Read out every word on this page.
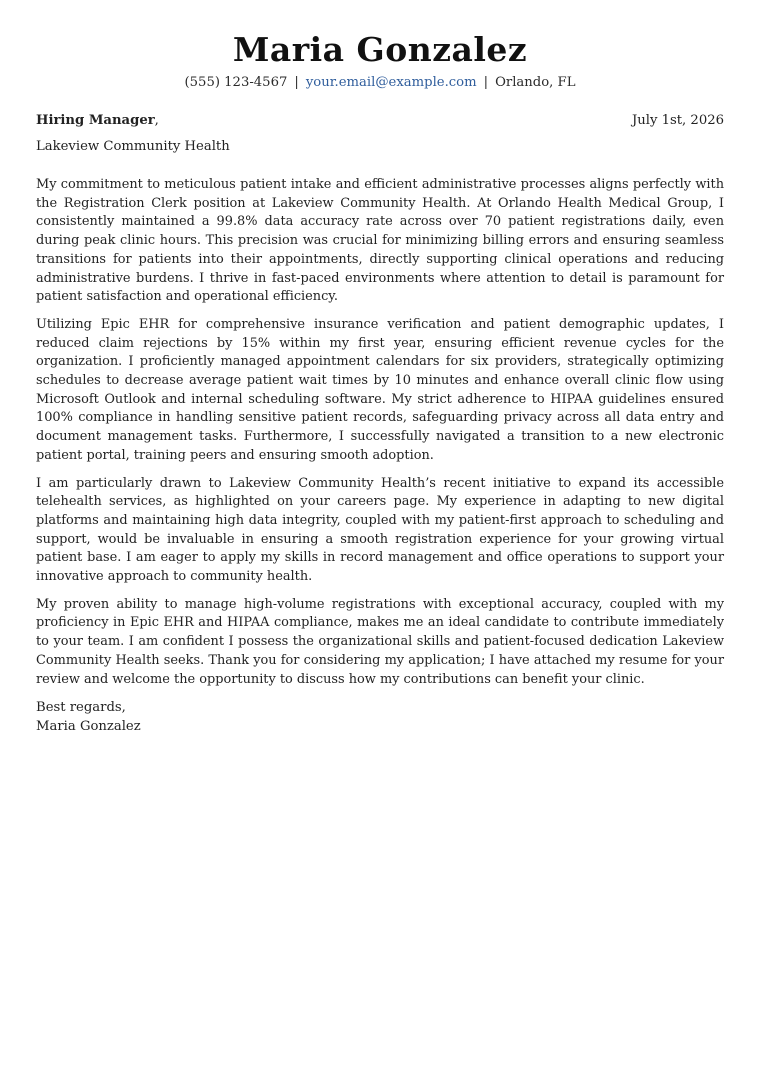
Maria Gonzalez
(555) 123-4567 | your.email@example.com | Orlando, FL
Hiring Manager,	July 1st, 2026
Lakeview Community Health

My commitment to meticulous patient intake and efficient administrative processes aligns perfectly with the Registration Clerk position at Lakeview Community Health. At Orlando Health Medical Group, I consistently maintained a 99.8% data accuracy rate across over 70 patient registrations daily, even during peak clinic hours. This precision was crucial for minimizing billing errors and ensuring seamless transitions for patients into their appointments, directly supporting clinical operations and reducing administrative burdens. I thrive in fast-paced environments where attention to detail is paramount for patient satisfaction and operational efficiency.

Utilizing Epic EHR for comprehensive insurance verification and patient demographic updates, I reduced claim rejections by 15% within my first year, ensuring efficient revenue cycles for the organization. I proficiently managed appointment calendars for six providers, strategically optimizing schedules to decrease average patient wait times by 10 minutes and enhance overall clinic flow using Microsoft Outlook and internal scheduling software. My strict adherence to HIPAA guidelines ensured 100% compliance in handling sensitive patient records, safeguarding privacy across all data entry and document management tasks. Furthermore, I successfully navigated a transition to a new electronic patient portal, training peers and ensuring smooth adoption.

I am particularly drawn to Lakeview Community Health’s recent initiative to expand its accessible telehealth services, as highlighted on your careers page. My experience in adapting to new digital platforms and maintaining high data integrity, coupled with my patient-first approach to scheduling and support, would be invaluable in ensuring a smooth registration experience for your growing virtual patient base. I am eager to apply my skills in record management and office operations to support your innovative approach to community health.

My proven ability to manage high-volume registrations with exceptional accuracy, coupled with my proficiency in Epic EHR and HIPAA compliance, makes me an ideal candidate to contribute immediately to your team. I am confident I possess the organizational skills and patient-focused dedication Lakeview Community Health seeks. Thank you for considering my application; I have attached my resume for your review and welcome the opportunity to discuss how my contributions can benefit your clinic.

Best regards,
Maria Gonzalez
